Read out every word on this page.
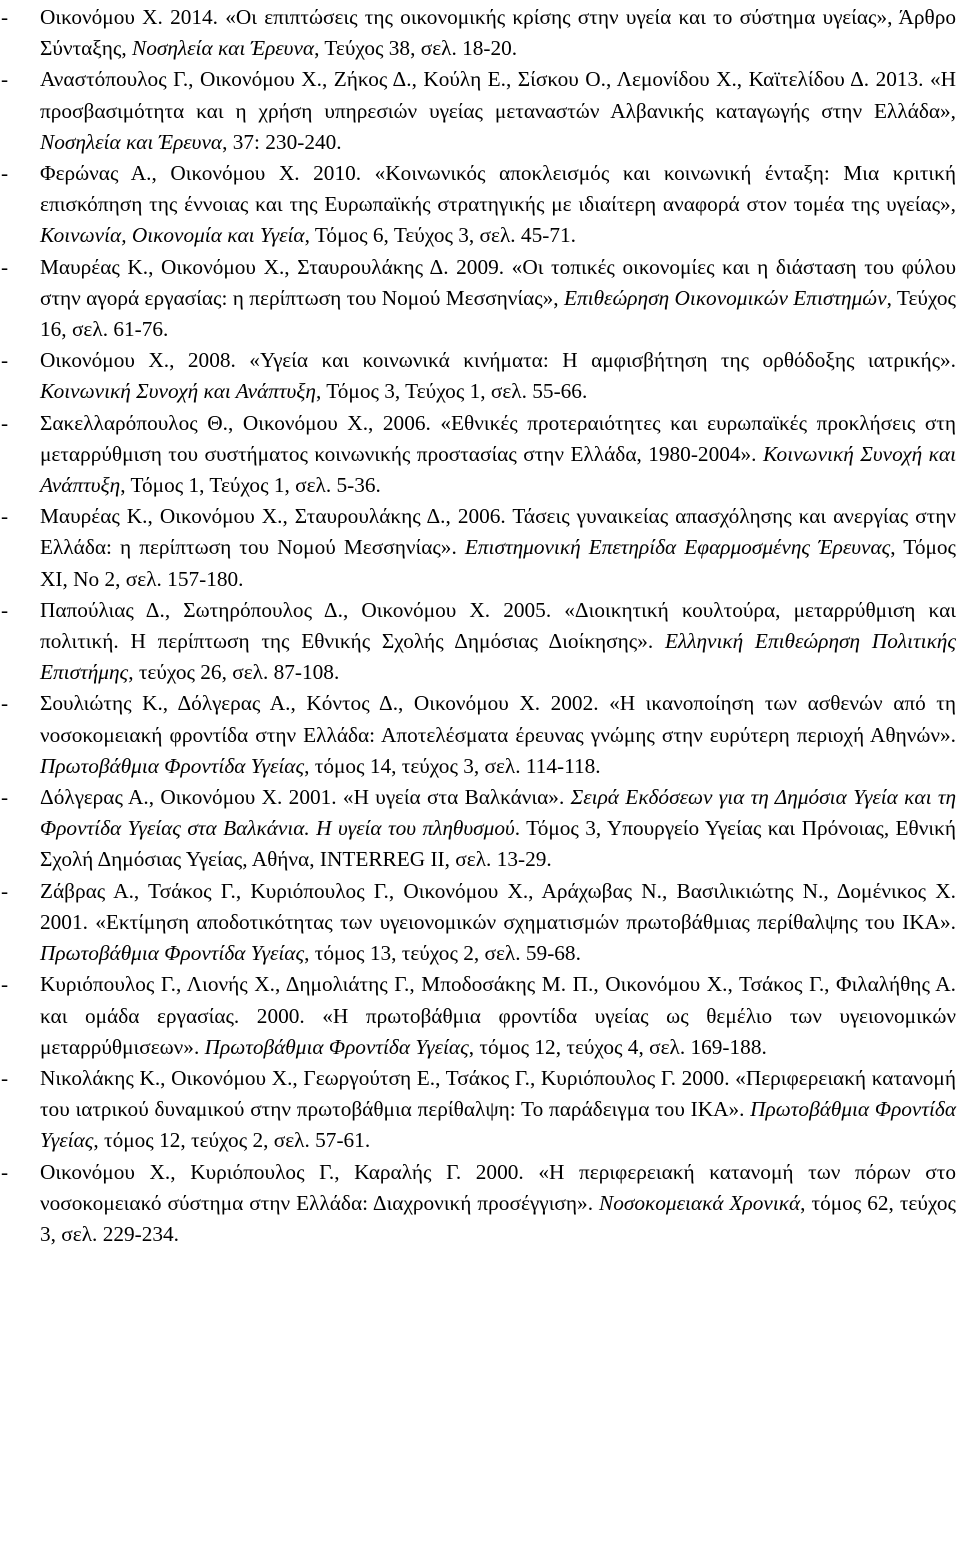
-	Οικονόμου Χ. 2014. «Οι επιπτώσεις της οικονομικής κρίσης στην υγεία και το σύστημα υγείας», Άρθρο Σύνταξης, Νοσηλεία και Έρευνα, Τεύχος 38, σελ. 18-20.
-	Αναστόπουλος Γ., Οικονόμου Χ., Ζήκος Δ., Κούλη Ε., Σίσκου Ο., Λεμονίδου Χ., Καϊτελίδου Δ. 2013. «Η προσβασιμότητα και η χρήση υπηρεσιών υγείας μεταναστών Αλβανικής καταγωγής στην Ελλάδα», Νοσηλεία και Έρευνα, 37: 230-240.
-	Φερώνας Α., Οικονόμου Χ. 2010. «Κοινωνικός αποκλεισμός και κοινωνική ένταξη: Μια κριτική επισκόπηση της έννοιας και της Ευρωπαϊκής στρατηγικής με ιδιαίτερη αναφορά στον τομέα της υγείας», Κοινωνία, Οικονομία και Υγεία, Τόμος 6, Τεύχος 3, σελ. 45-71.
-	Μαυρέας Κ., Οικονόμου Χ., Σταυρουλάκης Δ. 2009. «Οι τοπικές οικονομίες και η διάσταση του φύλου στην αγορά εργασίας: η περίπτωση του Νομού Μεσσηνίας», Επιθεώρηση Οικονομικών Επιστημών, Τεύχος 16, σελ. 61-76.
-	Οικονόμου Χ., 2008. «Υγεία και κοινωνικά κινήματα: Η αμφισβήτηση της ορθόδοξης ιατρικής». Κοινωνική Συνοχή και Ανάπτυξη, Τόμος 3, Τεύχος 1, σελ. 55-66.
-	Σακελλαρόπουλος Θ., Οικονόμου Χ., 2006. «Εθνικές προτεραιότητες και ευρωπαϊκές προκλήσεις στη μεταρρύθμιση του συστήματος κοινωνικής προστασίας στην Ελλάδα, 1980-2004». Κοινωνική Συνοχή και Ανάπτυξη, Τόμος 1, Τεύχος 1, σελ. 5-36.
-	Μαυρέας Κ., Οικονόμου Χ., Σταυρουλάκης Δ., 2006. Τάσεις γυναικείας απασχόλησης και ανεργίας στην Ελλάδα: η περίπτωση του Νομού Μεσσηνίας». Επιστημονική Επετηρίδα Εφαρμοσμένης Έρευνας, Τόμος XI, No 2, σελ. 157-180.
-	Παπούλιας Δ., Σωτηρόπουλος Δ., Οικονόμου Χ. 2005. «Διοικητική κουλτούρα, μεταρρύθμιση και πολιτική. Η περίπτωση της Εθνικής Σχολής Δημόσιας Διοίκησης». Ελληνική Επιθεώρηση Πολιτικής Επιστήμης, τεύχος 26, σελ. 87-108.
-	Σουλιώτης Κ., Δόλγερας Α., Κόντος Δ., Οικονόμου Χ. 2002. «Η ικανοποίηση των ασθενών από τη νοσοκομειακή φροντίδα στην Ελλάδα: Αποτελέσματα έρευνας γνώμης στην ευρύτερη περιοχή Αθηνών». Πρωτοβάθμια Φροντίδα Υγείας, τόμος 14, τεύχος 3, σελ. 114-118.
-	Δόλγερας Α., Οικονόμου Χ. 2001. «Η υγεία στα Βαλκάνια». Σειρά Εκδόσεων για τη Δημόσια Υγεία και τη Φροντίδα Υγείας στα Βαλκάνια. Η υγεία του πληθυσμού. Τόμος 3, Υπουργείο Υγείας και Πρόνοιας, Εθνική Σχολή Δημόσιας Υγείας, Αθήνα, INTERREG II, σελ. 13-29.
-	Ζάβρας Α., Τσάκος Γ., Κυριόπουλος Γ., Οικονόμου Χ., Αράχωβας Ν., Βασιλικιώτης Ν., Δομένικος Χ. 2001. «Εκτίμηση αποδοτικότητας των υγειονομικών σχηματισμών πρωτοβάθμιας περίθαλψης του ΙΚΑ». Πρωτοβάθμια Φροντίδα Υγείας, τόμος 13, τεύχος 2, σελ. 59-68.
-	Κυριόπουλος Γ., Λιονής Χ., Δημολιάτης Γ., Μποδοσάκης Μ. Π., Οικονόμου Χ., Τσάκος Γ., Φιλαλήθης Α. και ομάδα εργασίας. 2000. «Η πρωτοβάθμια φροντίδα υγείας ως θεμέλιο των υγειονομικών μεταρρύθμισεων». Πρωτοβάθμια Φροντίδα Υγείας, τόμος 12, τεύχος 4, σελ. 169-188.
-	Νικολάκης Κ., Οικονόμου Χ., Γεωργούτση Ε., Τσάκος Γ., Κυριόπουλος Γ. 2000. «Περιφερειακή κατανομή του ιατρικού δυναμικού στην πρωτοβάθμια περίθαλψη: Το παράδειγμα του ΙΚΑ». Πρωτοβάθμια Φροντίδα Υγείας, τόμος 12, τεύχος 2, σελ. 57-61.
-	Οικονόμου Χ., Κυριόπουλος Γ., Καραλής Γ. 2000. «Η περιφερειακή κατανομή των πόρων στο νοσοκομειακό σύστημα στην Ελλάδα: Διαχρονική προσέγγιση». Νοσοκομειακά Χρονικά, τόμος 62, τεύχος 3, σελ. 229-234.
